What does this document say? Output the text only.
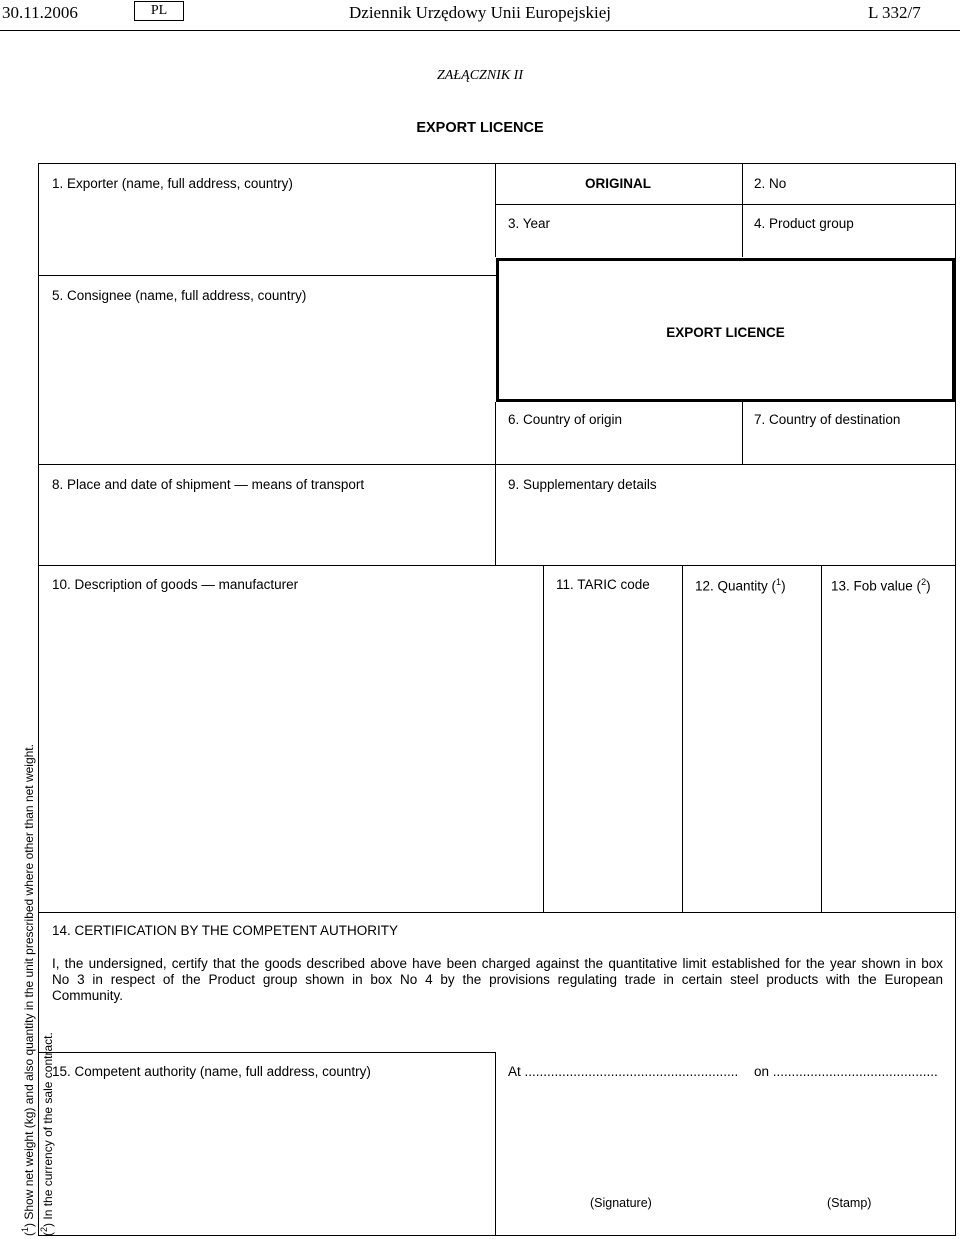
30.11.2006	PL	Dziennik Urzędowy Unii Europejskiej	L 332/7
ZAŁĄCZNIK II
EXPORT LICENCE
1. Exporter (name, full address, country)	ORIGINAL	2. No
3. Year	4. Product group
5. Consignee (name, full address, country)
EXPORT LICENCE
6. Country of origin	7. Country of destination
8. Place and date of shipment — means of transport	9. Supplementary details
10. Description of goods — manufacturer	11. TARIC code	12. Quantity ($^1$)	13. Fob value ($^2$)
14. CERTIFICATION BY THE COMPETENT AUTHORITY
I, the undersigned, certify that the goods described above have been charged against the quantitative limit established for the year shown in box
No 3 in respect of the Product group shown in box No 4 by the provisions regulating trade in certain steel products with the European
Community.
15. Competent authority (name, full address, country)	At ......................................................... on ............................................
(Signature)	(Stamp)
($^1$) Show net weight (kg) and also quantity in the unit prescribed where other than net weight.
($^2$) In the currency of the sale contract.
